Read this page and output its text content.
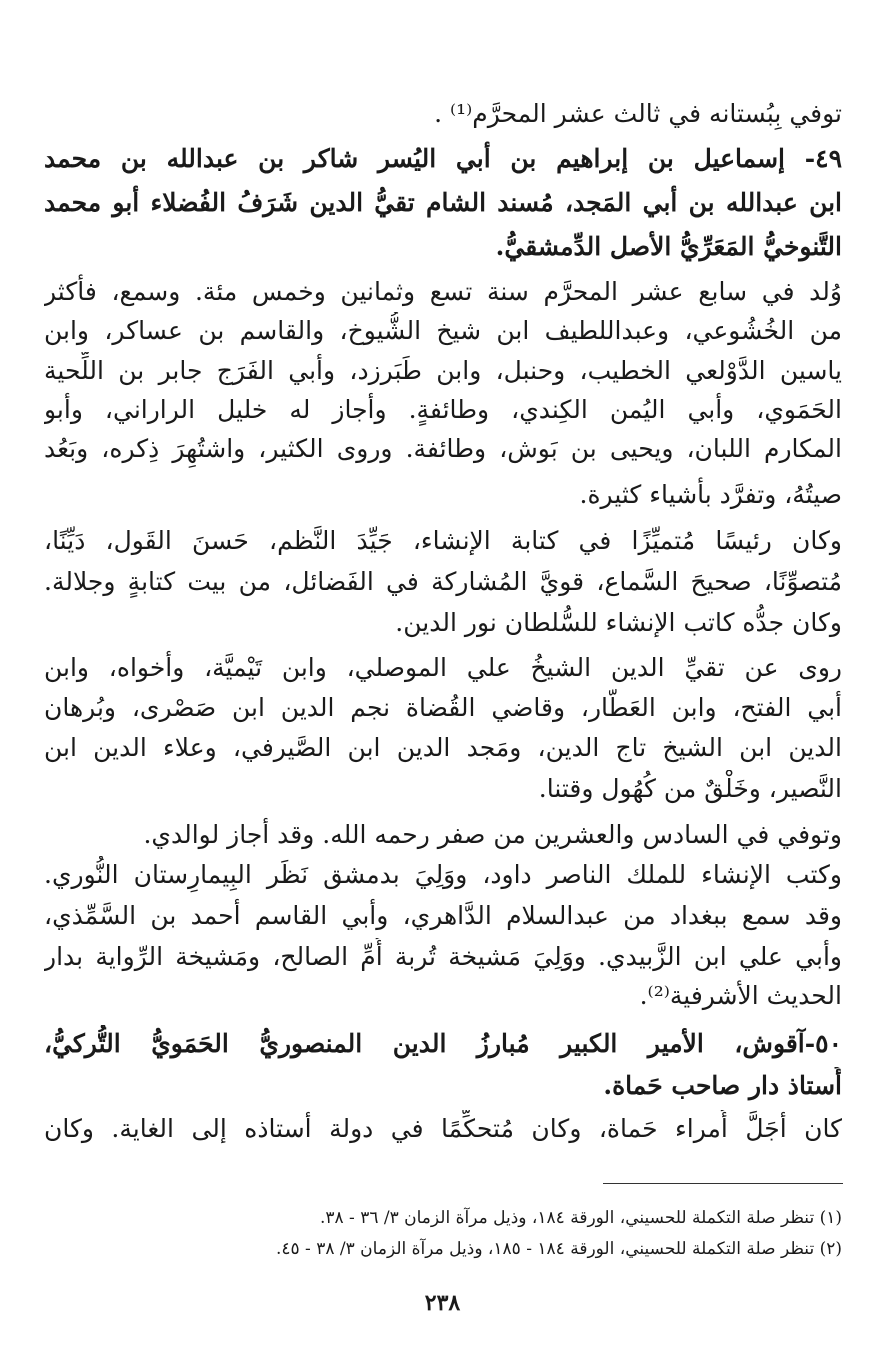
توفي بِبُستانه في ثالث عشر المحرَّم⁽¹⁾ .
٤٩- إسماعيل بن إبراهيم بن أبي اليُسر شاكر بن عبدالله بن محمد
ابن عبدالله بن أبي المَجد، مُسند الشام تقيُّ الدين شَرَفُ الفُضلاء أبو محمد
التَّنوخيُّ المَعَرِّيُّ الأصل الدِّمشقيُّ.
وُلد في سابع عشر المحرَّم سنة تسع وثمانين وخمس مئة. وسمع، فأكثر
من الخُشُوعي، وعبداللطيف ابن شيخ الشُّيوخ، والقاسم بن عساكر، وابن
ياسين الدَّوْلعي الخطيب، وحنبل، وابن طَبَرزد، وأبي الفَرَج جابر بن اللِّحية
الحَمَوي، وأبي اليُمن الكِندي، وطائفةٍ. وأجاز له خليل الراراني، وأبو
المكارم اللبان، ويحيى بن بَوش، وطائفة. وروى الكثير، واشتُهِرَ ذِكره، وبَعُد
صيتُهُ، وتفرَّد بأشياء كثيرة.
وكان رئيسًا مُتميِّزًا في كتابة الإنشاء، جَيِّدَ النَّظم، حَسنَ القَول، دَيِّنًا،
مُتصوِّنًا، صحيحَ السَّماع، قويَّ المُشاركة في الفَضائل، من بيت كتابةٍ وجلالة.
وكان جدُّه كاتب الإنشاء للسُّلطان نور الدين.
روى عن تقيِّ الدين الشيخُ علي الموصلي، وابن تَيْميَّة، وأخواه، وابن
أبي الفتح، وابن العَطَّار، وقاضي القُضاة نجم الدين ابن صَصْرى، وبُرهان
الدين ابن الشيخ تاج الدين، ومَجد الدين ابن الصَّيرفي، وعلاء الدين ابن
النَّصير، وخَلْقٌ من كُهُول وقتنا.
وتوفي في السادس والعشرين من صفر رحمه الله. وقد أجاز لوالدي.
وكتب الإنشاء للملك الناصر داود، ووَلِيَ بدمشق نَظَر البِيمارِستان النُّوري.
وقد سمع ببغداد من عبدالسلام الدَّاهري، وأبي القاسم أحمد بن السَّمِّذي،
وأبي علي ابن الزَّبيدي. ووَلِيَ مَشيخة تُربة أُمِّ الصالح، ومَشيخة الرِّواية بدار
الحديث الأشرفية⁽²⁾.
٥٠-آقوش، الأمير الكبير مُبارزُ الدين المنصوريُّ الحَمَويُّ التُّركيُّ،
أُستاذ دار صاحب حَماة.
كان أجَلَّ أُمراء حَماة، وكان مُتحكِّمًا في دولة أستاذه إلى الغاية. وكان
(١) تنظر صلة التكملة للحسيني، الورقة ١٨٤، وذيل مرآة الزمان ٣/ ٣٦ - ٣٨.
(٢) تنظر صلة التكملة للحسيني، الورقة ١٨٤ - ١٨٥، وذيل مرآة الزمان ٣/ ٣٨ - ٤٥.
٢٣٨
